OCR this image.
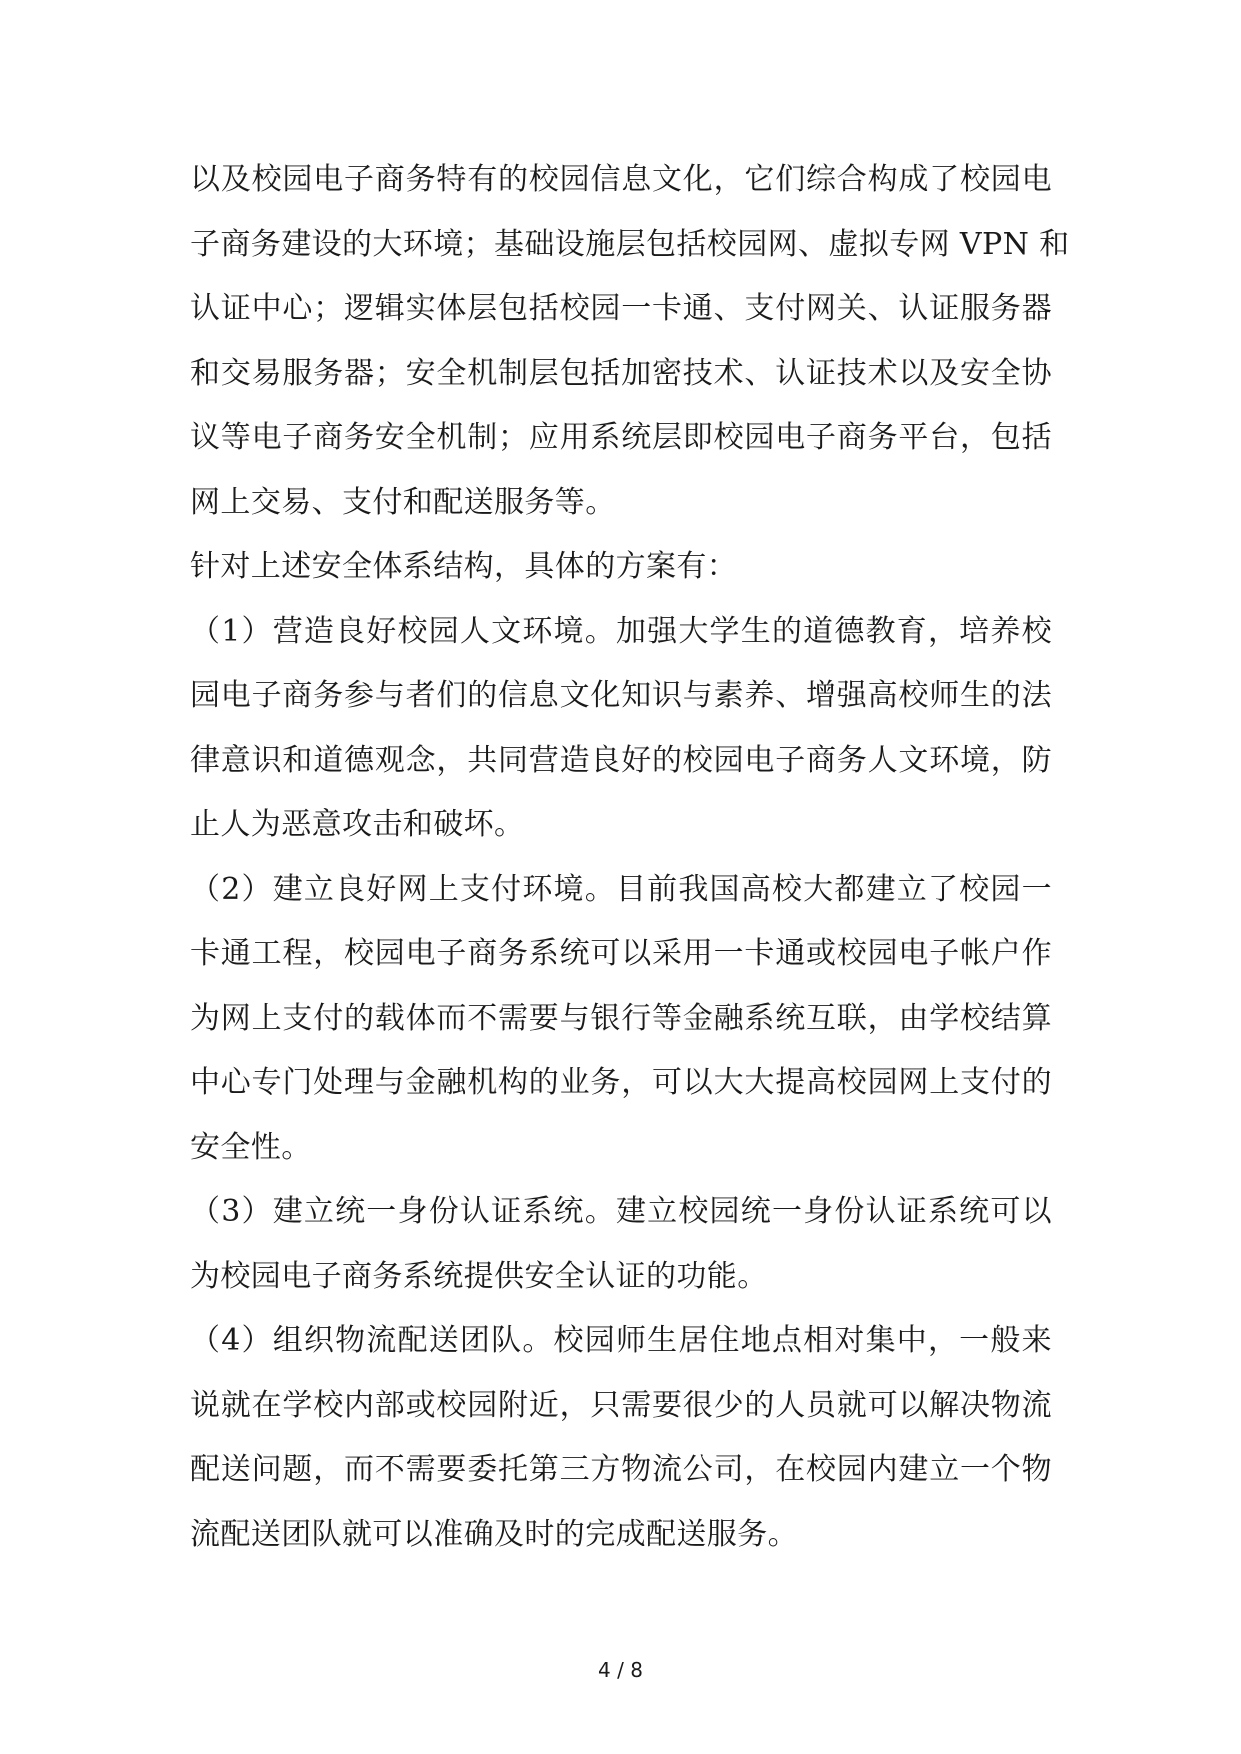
以及校园电子商务特有的校园信息文化，它们综合构成了校园电
子商务建设的大环境；基础设施层包括校园网、虚拟专网 VPN 和
认证中心；逻辑实体层包括校园一卡通、支付网关、认证服务器
和交易服务器；安全机制层包括加密技术、认证技术以及安全协
议等电子商务安全机制；应用系统层即校园电子商务平台，包括
网上交易、支付和配送服务等。
针对上述安全体系结构，具体的方案有：
（1）营造良好校园人文环境。加强大学生的道德教育，培养校
园电子商务参与者们的信息文化知识与素养、增强高校师生的法
律意识和道德观念，共同营造良好的校园电子商务人文环境，防
止人为恶意攻击和破坏。
（2）建立良好网上支付环境。目前我国高校大都建立了校园一
卡通工程，校园电子商务系统可以采用一卡通或校园电子帐户作
为网上支付的载体而不需要与银行等金融系统互联，由学校结算
中心专门处理与金融机构的业务，可以大大提高校园网上支付的
安全性。
（3）建立统一身份认证系统。建立校园统一身份认证系统可以
为校园电子商务系统提供安全认证的功能。
（4）组织物流配送团队。校园师生居住地点相对集中，一般来
说就在学校内部或校园附近，只需要很少的人员就可以解决物流
配送问题，而不需要委托第三方物流公司，在校园内建立一个物
流配送团队就可以准确及时的完成配送服务。
4 / 8
